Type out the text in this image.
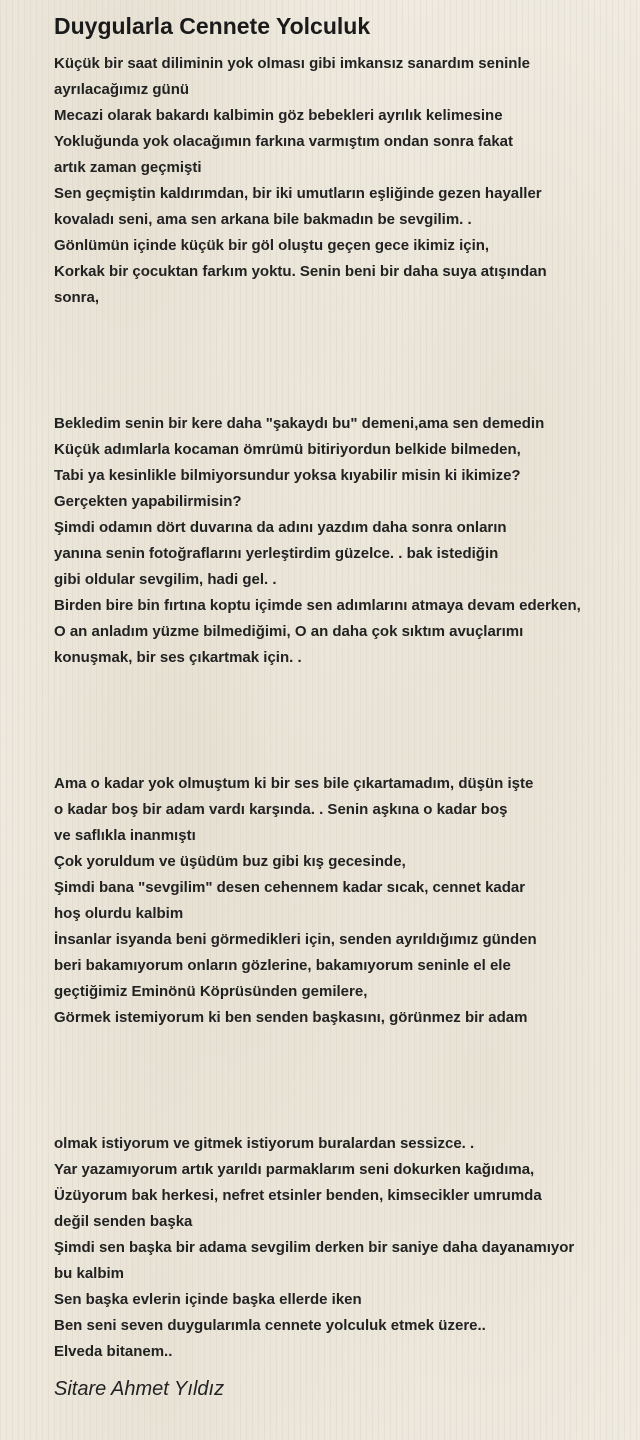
Duygularla Cennete Yolculuk
Küçük bir saat diliminin yok olması gibi imkansız sanardım seninle
ayrılacağımız günü
Mecazi olarak bakardı kalbimin göz bebekleri ayrılık kelimesine
Yokluğunda yok olacağımın farkına varmıştım ondan sonra fakat
artık zaman geçmişti
Sen geçmiştin kaldırımdan, bir iki umutların eşliğinde gezen hayaller
kovaladı seni, ama sen arkana bile bakmadın be sevgilim. .
Gönlümün içinde küçük bir göl oluştu geçen gece ikimiz için,
Korkak bir çocuktan farkım yoktu. Senin beni bir daha suya atışından
sonra,
Bekledim senin bir kere daha "şakaydı bu" demeni,ama sen demedin
Küçük adımlarla kocaman ömrümü bitiriyordun belkide bilmeden,
Tabi ya kesinlikle bilmiyorsundur yoksa kıyabilir misin ki ikimize?
Gerçekten yapabilirmisin?
Şimdi odamın dört duvarına da adını yazdım daha sonra onların
yanına senin fotoğraflarını yerleştirdim güzelce. . bak istediğin
gibi oldular sevgilim, hadi gel. .
Birden bire bin fırtına koptu içimde sen adımlarını atmaya devam ederken,
O an anladım yüzme bilmediğimi, O an daha çok sıktım avuçlarımı
konuşmak, bir ses çıkartmak için. .
Ama o kadar yok olmuştum ki bir ses bile çıkartamadım, düşün işte
o kadar boş bir adam vardı karşında. . Senin aşkına o kadar boş
ve saflıkla inanmıştı
Çok yoruldum ve üşüdüm buz gibi kış gecesinde,
Şimdi bana "sevgilim" desen cehennem kadar sıcak, cennet kadar
hoş olurdu kalbim
İnsanlar isyanda beni görmedikleri için, senden ayrıldığımız günden
beri bakamıyorum onların gözlerine, bakamıyorum seninle el ele
geçtiğimiz Eminönü Köprüsünden gemilere,
Görmek istemiyorum ki ben senden başkasını, görünmez bir adam
olmak istiyorum ve gitmek istiyorum buralardan sessizce. .
Yar yazamıyorum artık yarıldı parmaklarım seni dokurken kağıdıma,
Üzüyorum bak herkesi, nefret etsinler benden, kimsecikler umrumda
değil senden başka
Şimdi sen başka bir adama sevgilim derken bir saniye daha dayanamıyor
bu kalbim
Sen başka evlerin içinde başka ellerde iken
Ben seni seven duygularımla cennete yolculuk etmek üzere..
Elveda bitanem..
Sitare Ahmet Yıldız
